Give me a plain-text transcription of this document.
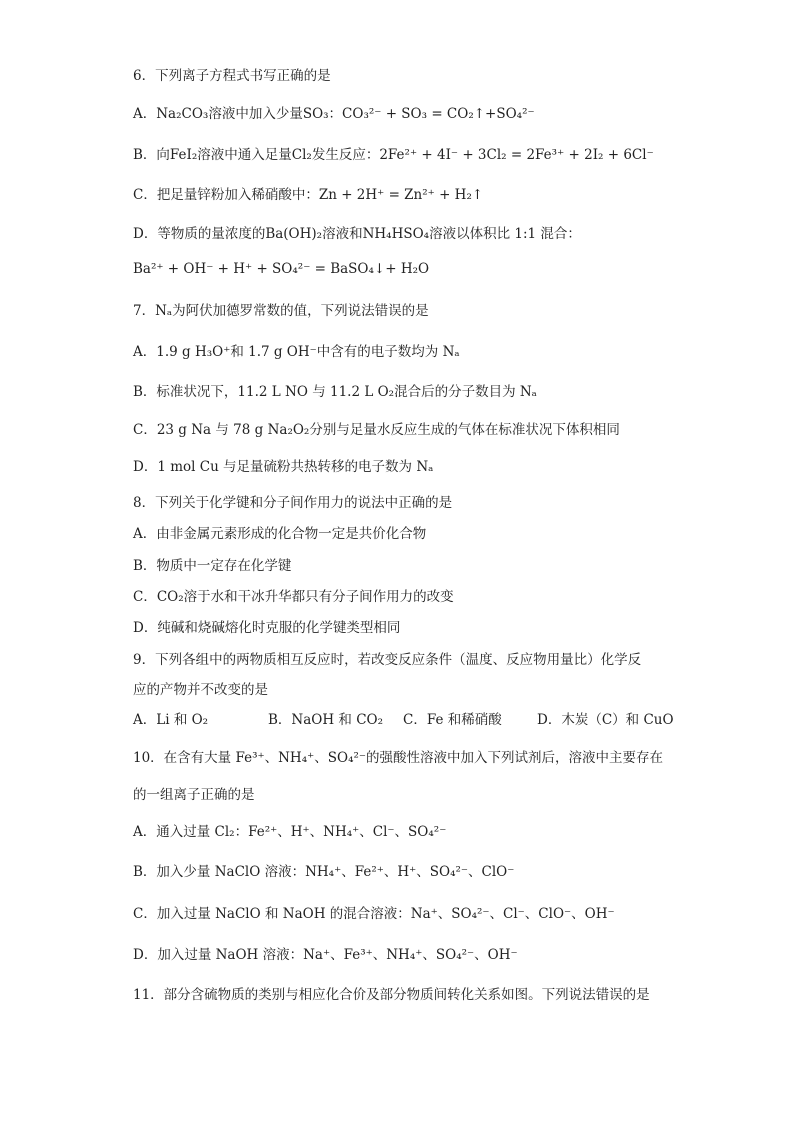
6．下列离子方程式书写正确的是
A．Na₂CO₃溶液中加入少量SO₃：CO₃²⁻ + SO₃ = CO₂↑+SO₄²⁻
B．向FeI₂溶液中通入足量Cl₂发生反应：2Fe²⁺ + 4I⁻ + 3Cl₂ = 2Fe³⁺ + 2I₂ + 6Cl⁻
C．把足量锌粉加入稀硝酸中：Zn + 2H⁺ = Zn²⁺ + H₂↑
D．等物质的量浓度的Ba(OH)₂溶液和NH₄HSO₄溶液以体积比 1:1 混合：
Ba²⁺ + OH⁻ + H⁺ + SO₄²⁻ = BaSO₄↓+ H₂O
7．Nₐ为阿伏加德罗常数的值，下列说法错误的是
A．1.9 g H₃O⁺和 1.7 g OH⁻中含有的电子数均为 Nₐ
B．标准状况下，11.2 L NO 与 11.2 L O₂混合后的分子数目为 Nₐ
C．23 g Na 与 78 g Na₂O₂分别与足量水反应生成的气体在标准状况下体积相同
D．1 mol Cu 与足量硫粉共热转移的电子数为 Nₐ
8．下列关于化学键和分子间作用力的说法中正确的是
A．由非金属元素形成的化合物一定是共价化合物
B．物质中一定存在化学键
C．CO₂溶于水和干冰升华都只有分子间作用力的改变
D．纯碱和烧碱熔化时克服的化学键类型相同
9．下列各组中的两物质相互反应时，若改变反应条件（温度、反应物用量比）化学反
应的产物并不改变的是
A．Li 和 O₂	B．NaOH 和 CO₂ C．Fe 和稀硝酸	D．木炭（C）和 CuO
10．在含有大量 Fe³⁺、NH₄⁺、SO₄²⁻的强酸性溶液中加入下列试剂后，溶液中主要存在
的一组离子正确的是
A．通入过量 Cl₂：Fe²⁺、H⁺、NH₄⁺、Cl⁻、SO₄²⁻
B．加入少量 NaClO 溶液：NH₄⁺、Fe²⁺、H⁺、SO₄²⁻、ClO⁻
C．加入过量 NaClO 和 NaOH 的混合溶液：Na⁺、SO₄²⁻、Cl⁻、ClO⁻、OH⁻
D．加入过量 NaOH 溶液：Na⁺、Fe³⁺、NH₄⁺、SO₄²⁻、OH⁻
11．部分含硫物质的类别与相应化合价及部分物质间转化关系如图。下列说法错误的是
